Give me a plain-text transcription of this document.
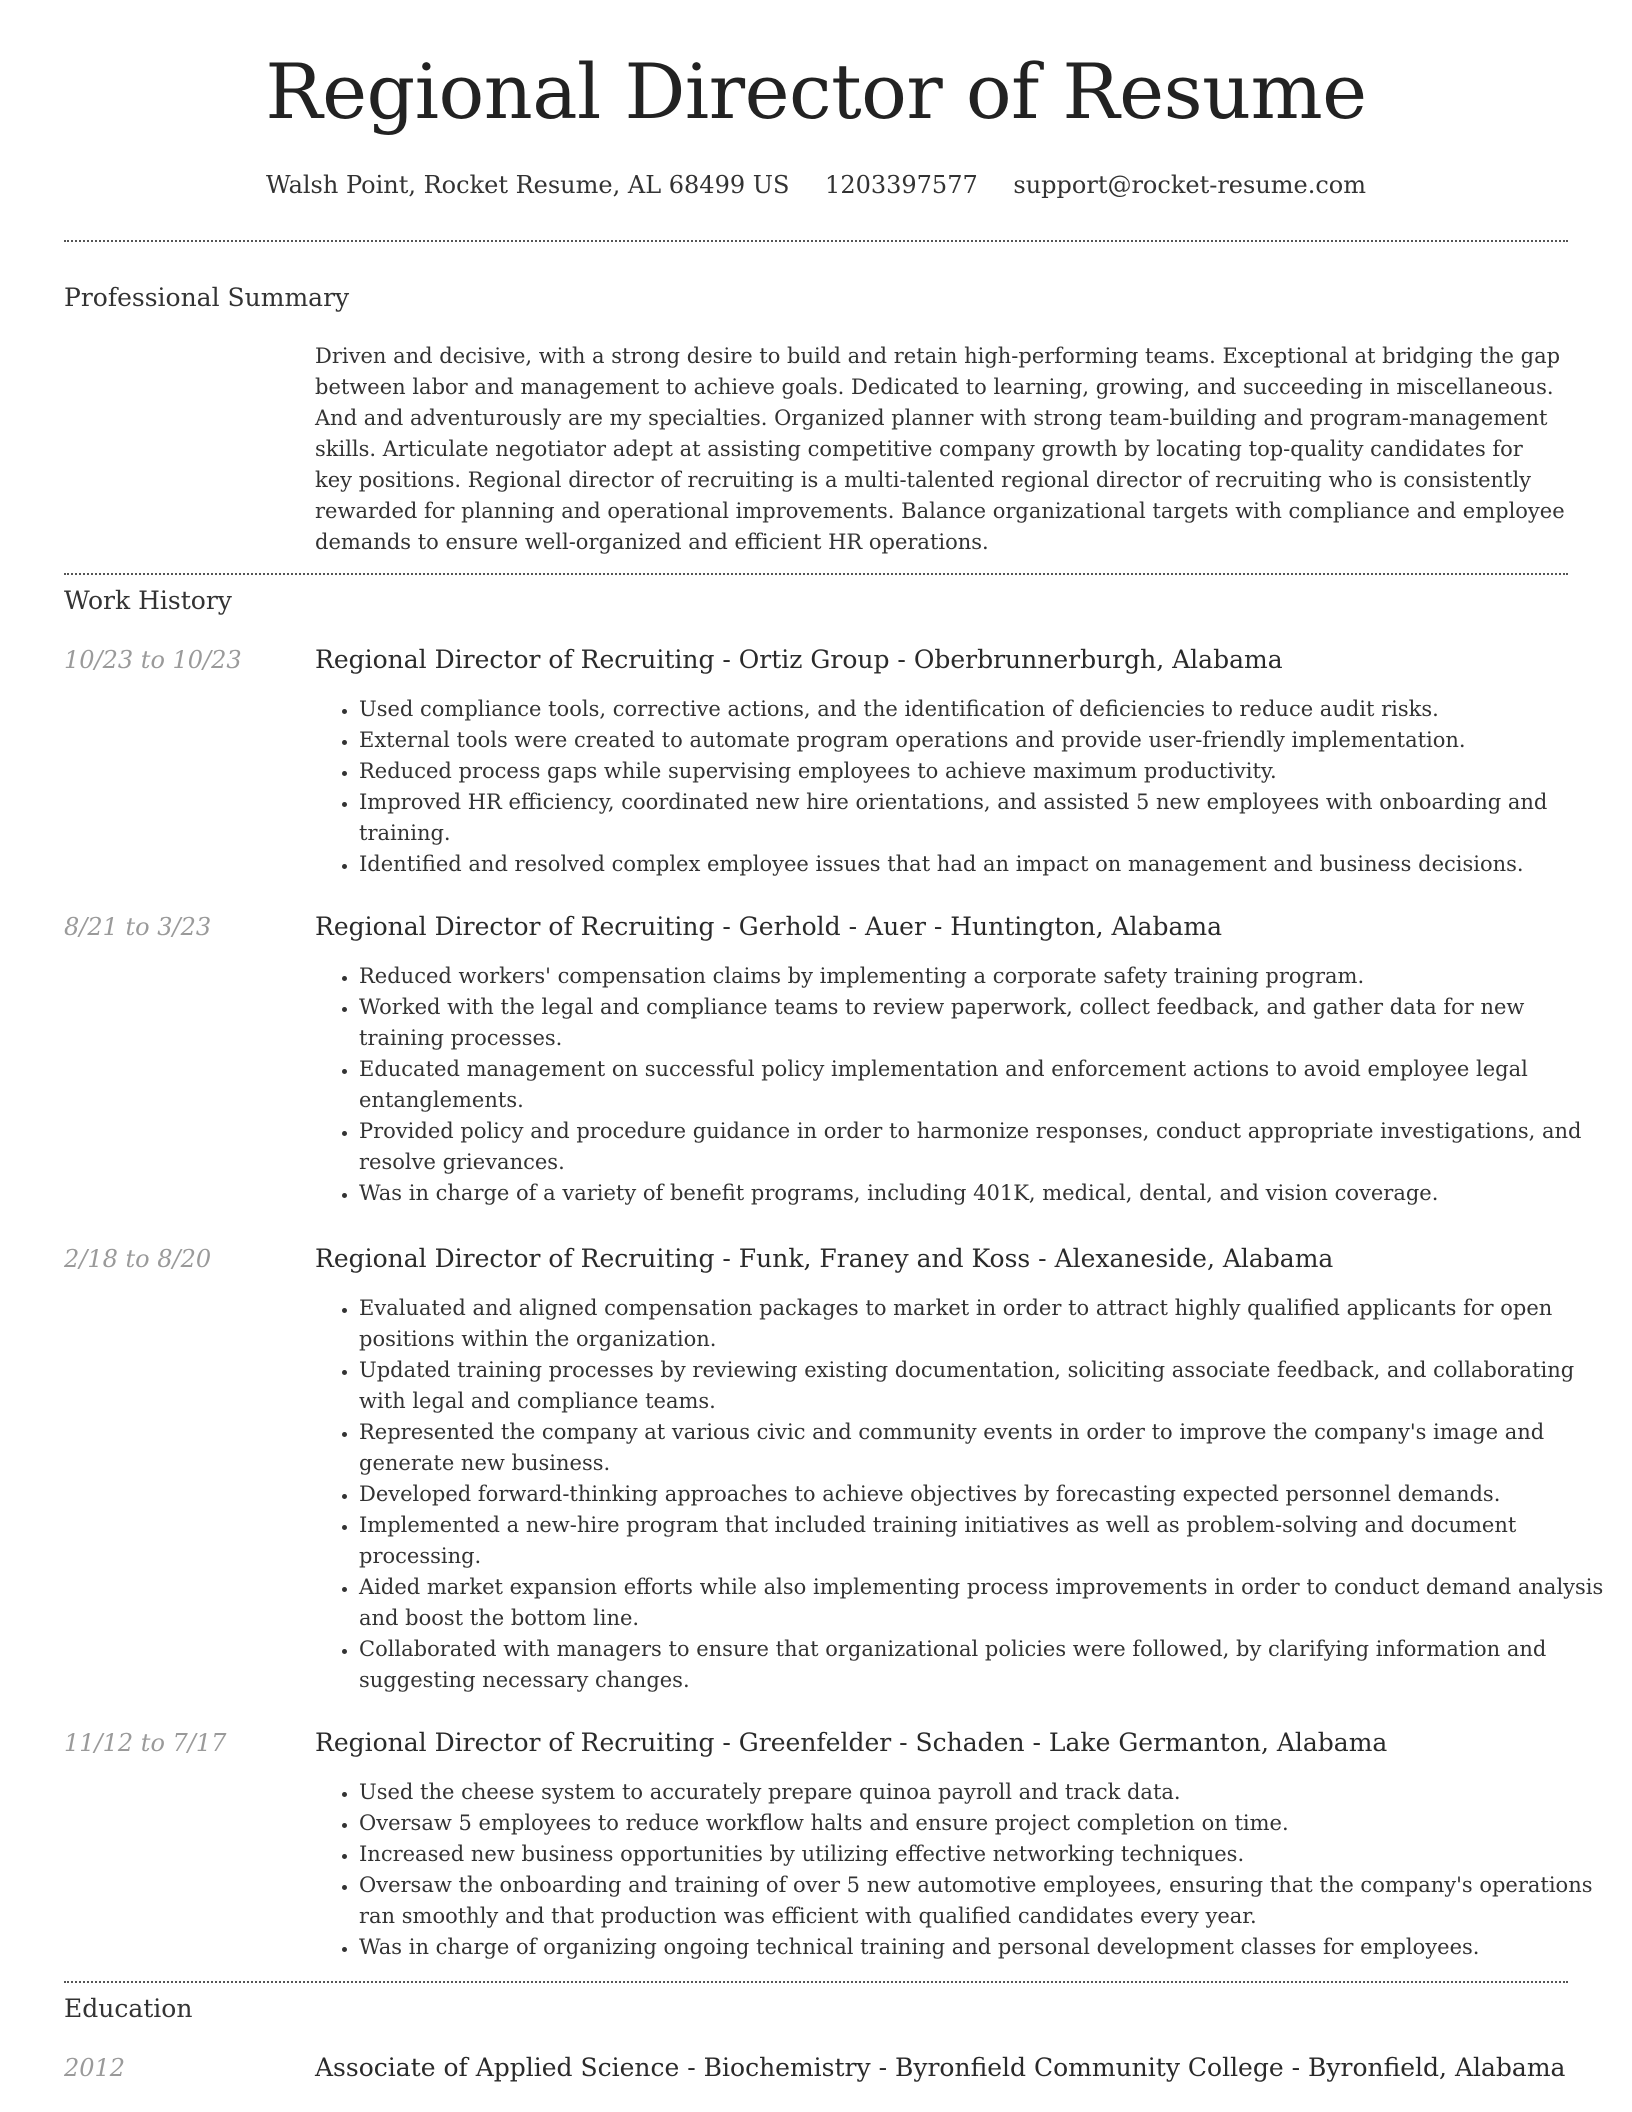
Regional Director of Resume
Walsh Point, Rocket Resume, AL 68499 US 1203397577 support@rocket-resume.com
Professional Summary

Driven and decisive, with a strong desire to build and retain high-performing teams. Exceptional at bridging the gap between labor and management to achieve goals. Dedicated to learning, growing, and succeeding in miscellaneous. And and adventurously are my specialties. Organized planner with strong team-building and program-management skills. Articulate negotiator adept at assisting competitive company growth by locating top-quality candidates for key positions. Regional director of recruiting is a multi-talented regional director of recruiting who is consistently rewarded for planning and operational improvements. Balance organizational targets with compliance and employee demands to ensure well-organized and efficient HR operations.

Work History
10/23 to 10/23	Regional Director of Recruiting - Ortiz Group - Oberbrunnerburgh, Alabama
• Used compliance tools, corrective actions, and the identification of deficiencies to reduce audit risks.
• External tools were created to automate program operations and provide user-friendly implementation.
• Reduced process gaps while supervising employees to achieve maximum productivity.
• Improved HR efficiency, coordinated new hire orientations, and assisted 5 new employees with onboarding and training.
• Identified and resolved complex employee issues that had an impact on management and business decisions.
8/21 to 3/23	Regional Director of Recruiting - Gerhold - Auer - Huntington, Alabama
• Reduced workers' compensation claims by implementing a corporate safety training program.
• Worked with the legal and compliance teams to review paperwork, collect feedback, and gather data for new training processes.
• Educated management on successful policy implementation and enforcement actions to avoid employee legal entanglements.
• Provided policy and procedure guidance in order to harmonize responses, conduct appropriate investigations, and resolve grievances.
• Was in charge of a variety of benefit programs, including 401K, medical, dental, and vision coverage.
2/18 to 8/20	Regional Director of Recruiting - Funk, Franey and Koss - Alexaneside, Alabama
• Evaluated and aligned compensation packages to market in order to attract highly qualified applicants for open positions within the organization.
• Updated training processes by reviewing existing documentation, soliciting associate feedback, and collaborating with legal and compliance teams.
• Represented the company at various civic and community events in order to improve the company's image and generate new business.
• Developed forward-thinking approaches to achieve objectives by forecasting expected personnel demands.
• Implemented a new-hire program that included training initiatives as well as problem-solving and document processing.
• Aided market expansion efforts while also implementing process improvements in order to conduct demand analysis and boost the bottom line.
• Collaborated with managers to ensure that organizational policies were followed, by clarifying information and suggesting necessary changes.
11/12 to 7/17	Regional Director of Recruiting - Greenfelder - Schaden - Lake Germanton, Alabama
• Used the cheese system to accurately prepare quinoa payroll and track data.
• Oversaw 5 employees to reduce workflow halts and ensure project completion on time.
• Increased new business opportunities by utilizing effective networking techniques.
• Oversaw the onboarding and training of over 5 new automotive employees, ensuring that the company's operations ran smoothly and that production was efficient with qualified candidates every year.
• Was in charge of organizing ongoing technical training and personal development classes for employees.
Education
2012	Associate of Applied Science - Biochemistry - Byronfield Community College - Byronfield, Alabama
